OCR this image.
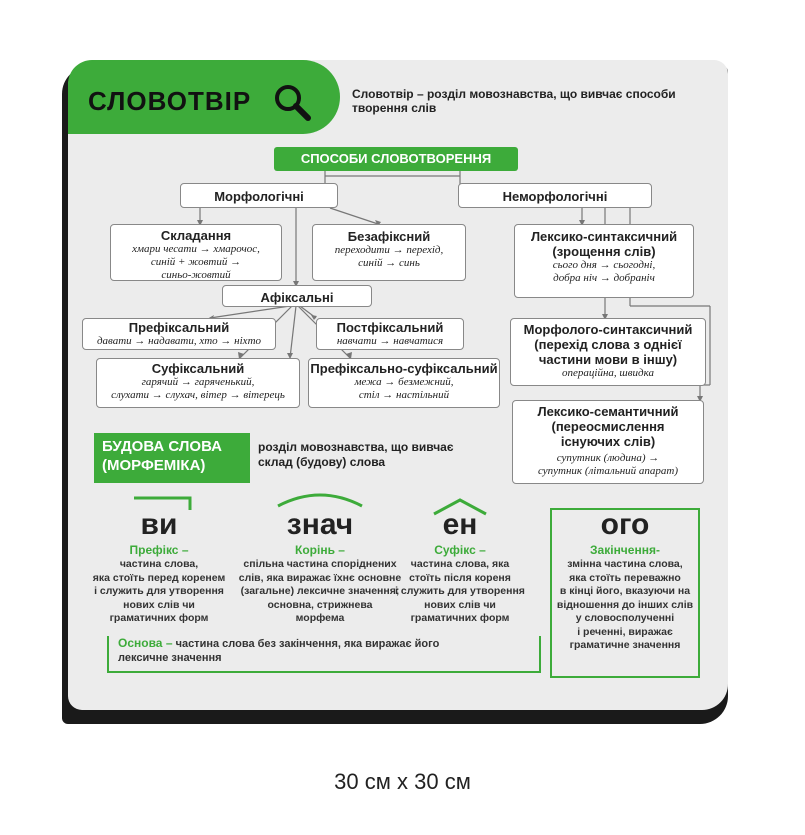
СЛОВОТВІР	Словотвір – розділ мовознавства, що вивчає способи творення слів
СПОСОБИ СЛОВОТВОРЕННЯ
Морфологічні
Складання
хмари чесати → хмарочос,
синій + жовтий →
синьо-жовтий
Безафіксний
переходити → перехід,
синій → синь
Афіксальні
Префіксальний
давати → надавати, хто → ніхто
Постфіксальний
навчати → навчатися
Суфіксальний
гарячий → гаряченький,
слухати → слухач, вітер → вітерець
Префіксально-суфіксальний
межа → безмежний,
стіл → настільний
Неморфологічні
Лексико-синтаксичний
(зрощення слів)
сього дня → сьогодні,
добра ніч → добраніч
Морфолого-синтаксичний
(перехід слова з однієї
частини мови в іншу)
операційна, швидка
Лексико-семантичний
(переосмислення
існуючих слів)
супутник (людина) →
супутник (літальний апарат)
БУДОВА СЛОВА
(МОРФЕМІКА)
розділ мовознавства, що вивчає склад (будову) слова
ви
Префікс –
частина слова,
яка стоїть перед коренем
і служить для утворення
нових слів чи
граматичних форм
знач
Корінь –
спільна частина споріднених
слів, яка виражає їхнє основне
(загальне) лексичне значення;
основна, стрижнева
морфема
ен
Суфікс –
частина слова, яка
стоїть після кореня
і служить для утворення
нових слів чи
граматичних форм
ого
Закінчення-
змінна частина слова,
яка стоїть переважно
в кінці його, вказуючи на
відношення до інших слів
у словосполученні
і реченні, виражає
граматичне значення
Основа – частина слова без закінчення, яка виражає його
лексичне значення
30 см х 30 см
